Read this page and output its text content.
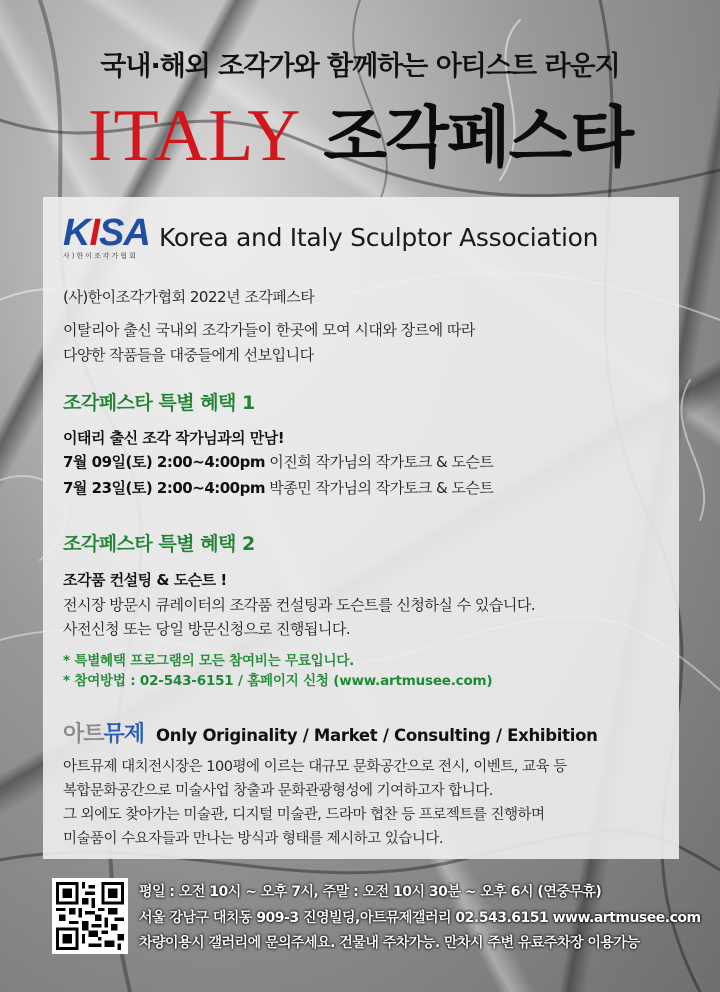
국내·해외 조각가와 함께하는 아티스트 라운지
ITALY 조각페스타
KISA
사)한이조각가협회
Korea and Italy Sculptor Association
(사)한이조각가협회 2022년 조각페스타
이탈리아 출신 국내외 조각가들이 한곳에 모여 시대와 장르에 따라
다양한 작품들을 대중들에게 선보입니다
조각페스타 특별 혜택 1
이태리 출신 조각 작가님과의 만남!
7월 09일(토) 2:00~4:00pm 이진희 작가님의 작가토크 & 도슨트
7월 23일(토) 2:00~4:00pm 박종민 작가님의 작가토크 & 도슨트
조각페스타 특별 혜택 2
조각품 컨설팅 & 도슨트 !
전시장 방문시 큐레이터의 조각품 컨설팅과 도슨트를 신청하실 수 있습니다.
사전신청 또는 당일 방문신청으로 진행됩니다.
* 특별혜택 프로그램의 모든 참여비는 무료입니다.
* 참여방법 : 02-543-6151 / 홈페이지 신청 (www.artmusee.com)
아트뮤제 Only Originality / Market / Consulting / Exhibition
아트뮤제 대치전시장은 100평에 이르는 대규모 문화공간으로 전시, 이벤트, 교육 등
복합문화공간으로 미술사업 창출과 문화관광형성에 기여하고자 합니다.
그 외에도 찾아가는 미술관, 디지털 미술관, 드라마 협찬 등 프로젝트를 진행하며
미술품이 수요자들과 만나는 방식과 형태를 제시하고 있습니다.
평일 : 오전 10시 ~ 오후 7시, 주말 : 오전 10시 30분 ~ 오후 6시 (연중무휴)
서울 강남구 대치동 909-3 진영빌딩,아트뮤제갤러리 02.543.6151 www.artmusee.com
차량이용시 갤러리에 문의주세요. 건물내 주차가능. 만차시 주변 유료주차장 이용가능
